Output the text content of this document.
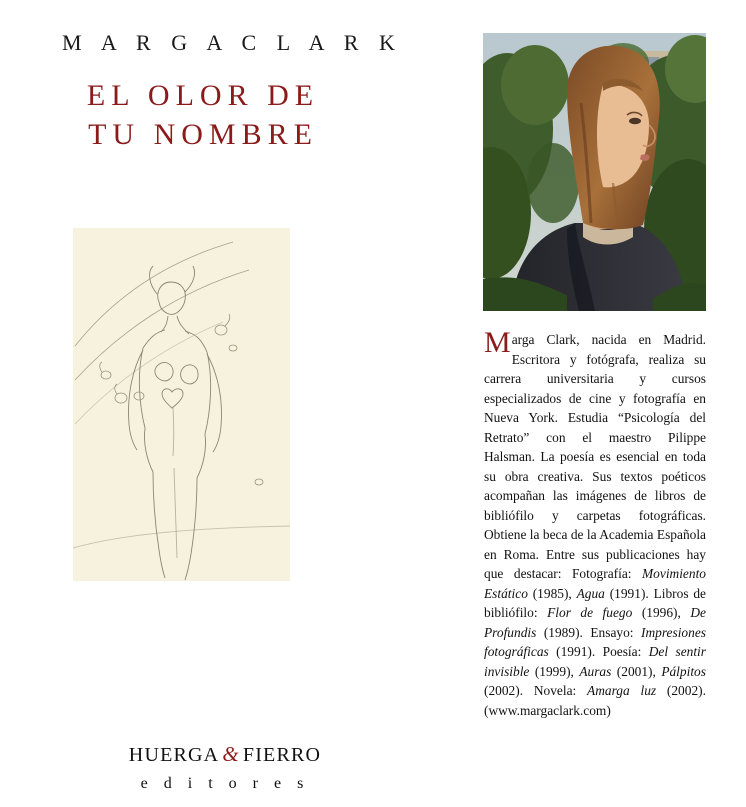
M A R G A C L A R K
EL OLOR DE
TU NOMBRE
HUERGA & FIERRO
e d i t o r e s
Marga Clark, nacida en Madrid. Escritora y fotógrafa, realiza su carrera universitaria y cursos especializados de cine y fotografía en Nueva York. Estudia “Psicología del Retrato” con el maestro Pilippe Halsman. La poesía es esencial en toda su obra creativa. Sus textos poéticos acompañan las imágenes de libros de bibliófilo y carpetas fotográficas. Obtiene la beca de la Academia Española en Roma. Entre sus publicaciones hay que destacar: Fotografía: Movimiento Estático (1985), Agua (1991). Libros de bibliófilo: Flor de fuego (1996), De Profundis (1989). Ensayo: Impresiones fotográficas (1991). Poesía: Del sentir invisible (1999), Auras (2001), Pálpitos (2002). Novela: Amarga luz (2002). (www.margaclark.com)
